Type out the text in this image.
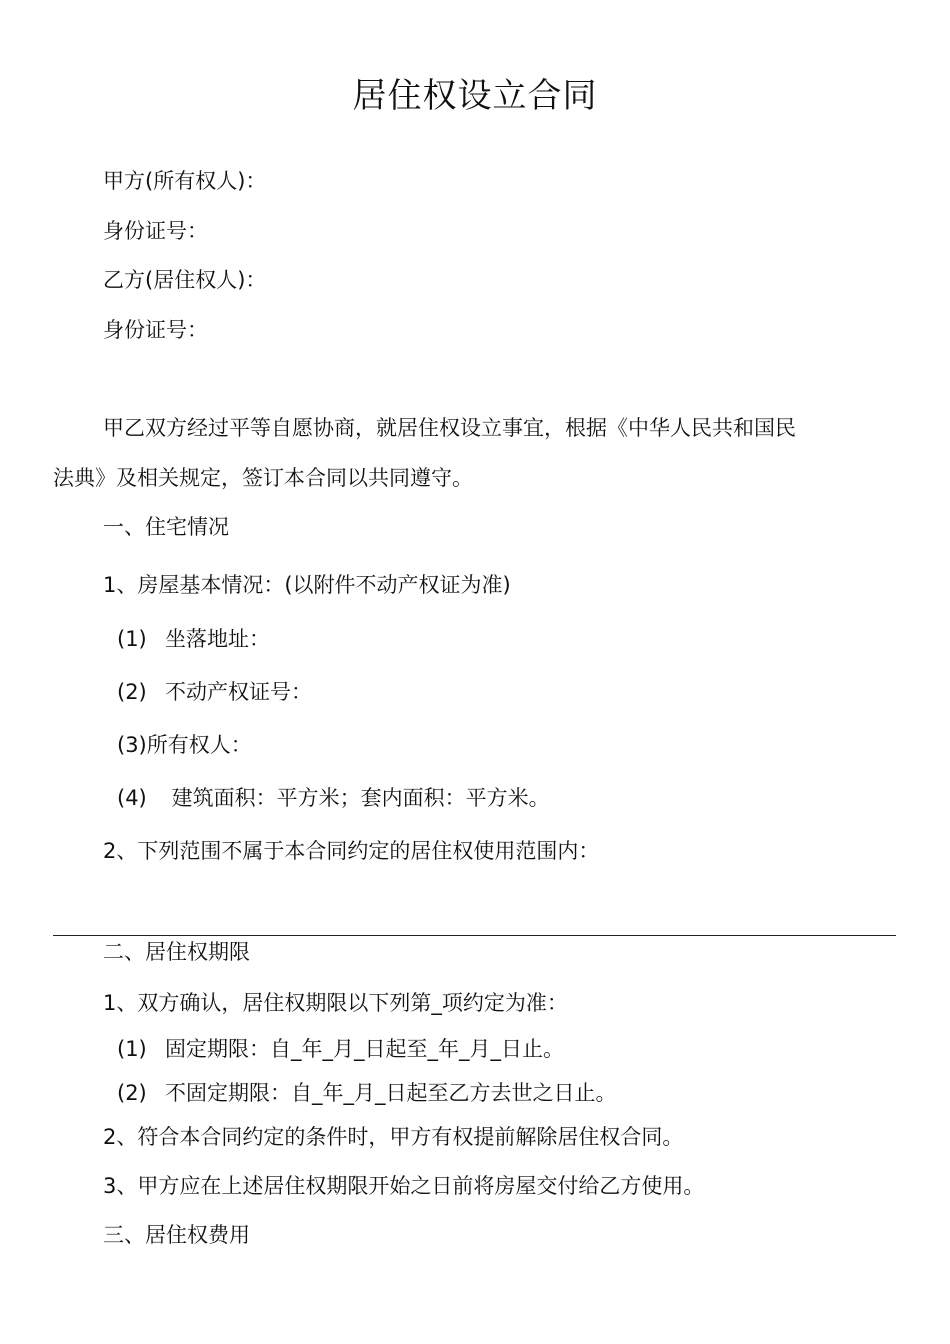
居住权设立合同
甲方(所有权人)：
身份证号：
乙方(居住权人)：
身份证号：
甲乙双方经过平等自愿协商，就居住权设立事宜，根据《中华人民共和国民
法典》及相关规定，签订本合同以共同遵守。
一、住宅情况
1、房屋基本情况：(以附件不动产权证为准)
(1) 坐落地址：
(2) 不动产权证号：
(3)所有权人：
(4) 建筑面积：平方米；套内面积：平方米。
2、下列范围不属于本合同约定的居住权使用范围内：
二、居住权期限
1、双方确认，居住权期限以下列第_项约定为准：
(1) 固定期限：自_年_月_日起至_年_月_日止。
(2) 不固定期限：自_年_月_日起至乙方去世之日止。
2、符合本合同约定的条件时，甲方有权提前解除居住权合同。
3、甲方应在上述居住权期限开始之日前将房屋交付给乙方使用。
三、居住权费用
